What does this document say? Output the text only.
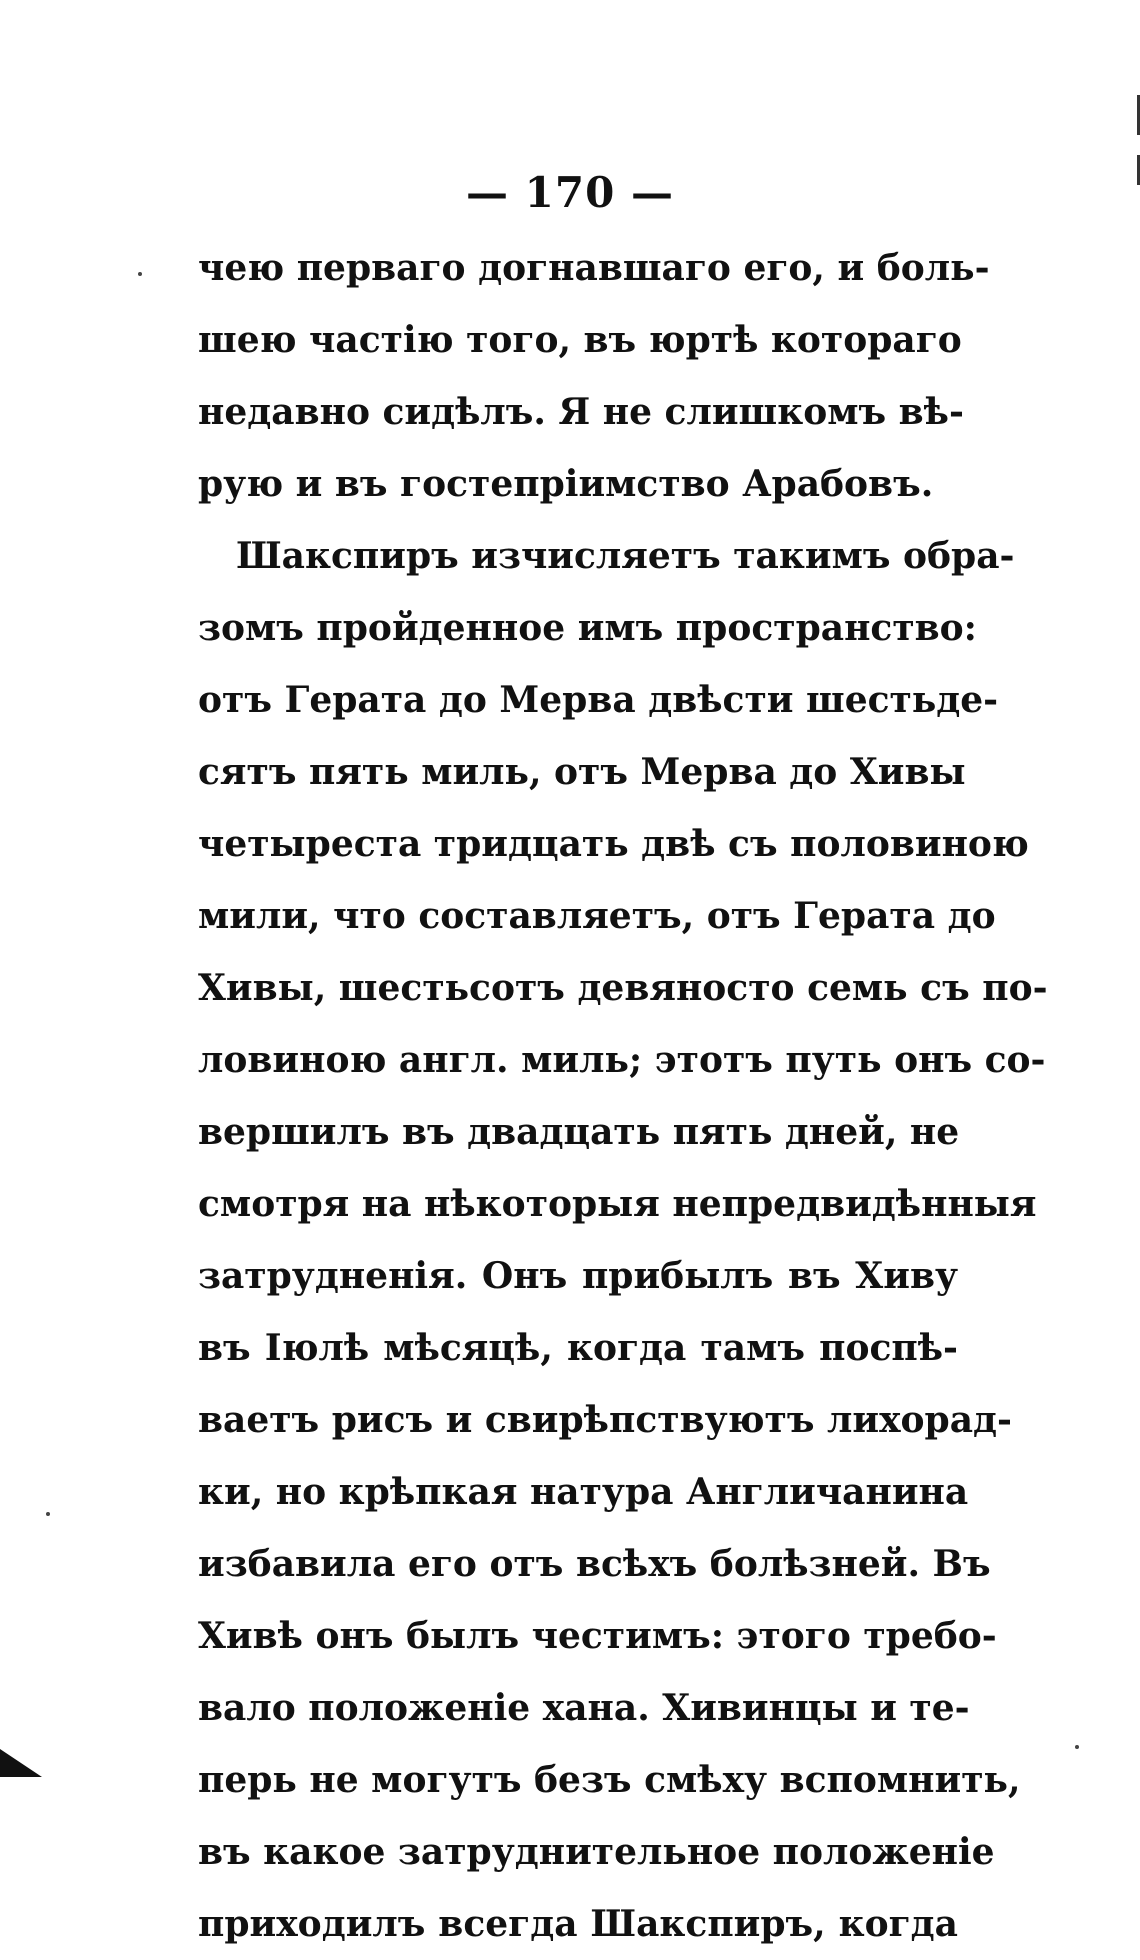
— 170 —
чею перваго догнавшаго его, и боль-
шею частію того, въ юртѣ котораго
недавно сидѣлъ. Я не слишкомъ вѣ-
рую и въ гостепріимство Арабовъ.
Шакспиръ изчисляетъ такимъ обра-
зомъ пройденное имъ пространство:
отъ Герата до Мерва двѣсти шестьде-
сятъ пять миль, отъ Мерва до Хивы
четыреста тридцать двѣ съ половиною
мили, что составляетъ, отъ Герата до
Хивы, шестьсотъ девяносто семь съ по-
ловиною англ. миль; этотъ путь онъ со-
вершилъ въ двадцать пять дней, не
смотря на нѣкоторыя непредвидѣнныя
затрудненія. Онъ прибылъ въ Хиву
въ Іюлѣ мѣсяцѣ, когда тамъ поспѣ-
ваетъ рисъ и свирѣпствуютъ лихорад-
ки, но крѣпкая натура Англичанина
избавила его отъ всѣхъ болѣзней. Въ
Хивѣ онъ былъ честимъ: этого требо-
вало положеніе хана. Хивинцы и те-
перь не могутъ безъ смѣху вспомнить,
въ какое затруднительное положеніе
приходилъ всегда Шакспиръ, когда
